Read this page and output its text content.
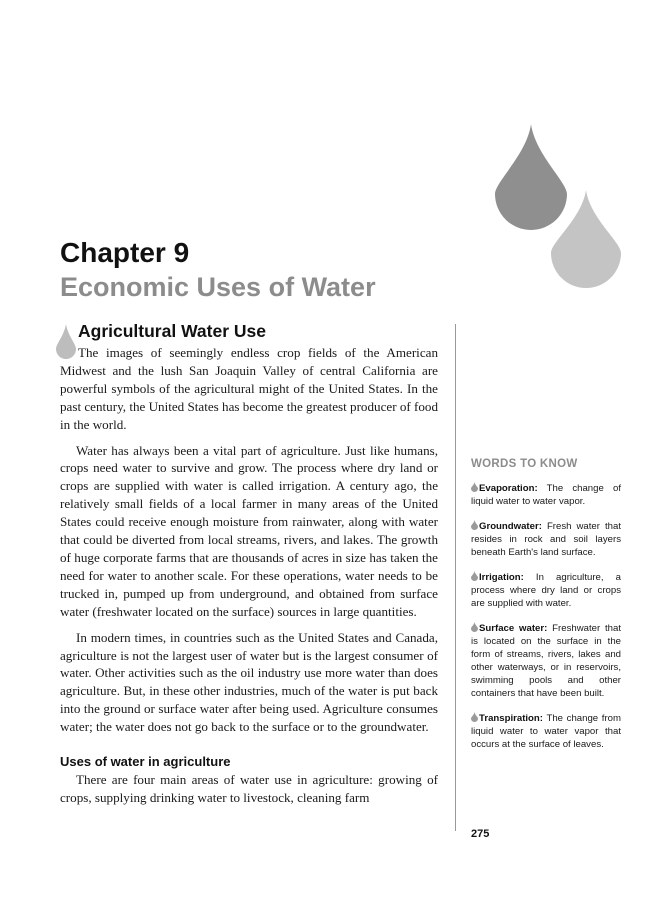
Chapter 9
Economic Uses of Water
Agricultural Water Use

The images of seemingly endless crop fields of the American Midwest and the lush San Joaquin Valley of central California are powerful symbols of the agricultural might of the United States. In the past century, the United States has become the greatest producer of food in the world.

Water has always been a vital part of agriculture. Just like humans, crops need water to survive and grow. The process where dry land or crops are supplied with water is called irrigation. A century ago, the relatively small fields of a local farmer in many areas of the United States could receive enough moisture from rainwater, along with water that could be diverted from local streams, rivers, and lakes. The growth of huge corporate farms that are thousands of acres in size has taken the need for water to another scale. For these operations, water needs to be trucked in, pumped up from underground, and obtained from surface water (freshwater located on the surface) sources in large quantities.

In modern times, in countries such as the United States and Canada, agriculture is not the largest user of water but is the largest consumer of water. Other activities such as the oil industry use more water than does agriculture. But, in these other industries, much of the water is put back into the ground or surface water after being used. Agriculture consumes water; the water does not go back to the surface or to the groundwater.

Uses of water in agriculture

There are four main areas of water use in agriculture: growing of crops, supplying drinking water to livestock, cleaning farm

WORDS TO KNOW
Evaporation: The change of liquid water to water vapor.
Groundwater: Fresh water that resides in rock and soil layers beneath Earth's land surface.
Irrigation: In agriculture, a process where dry land or crops are supplied with water.
Surface water: Freshwater that is located on the surface in the form of streams, rivers, lakes and other waterways, or in reservoirs, swimming pools and other containers that have been built.
Transpiration: The change from liquid water to water vapor that occurs at the surface of leaves.
275
